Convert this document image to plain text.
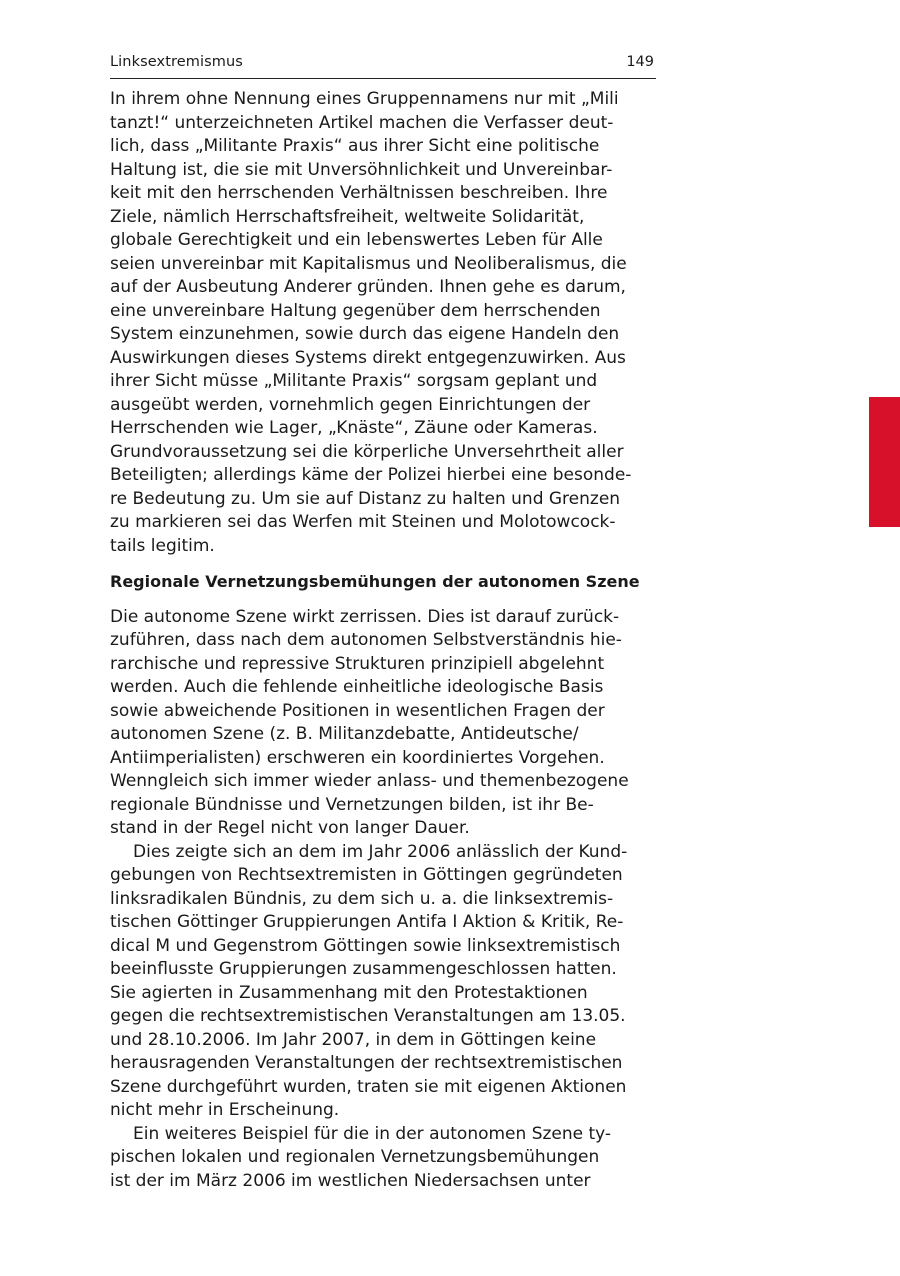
Linksextremismus	149
In ihrem ohne Nennung eines Gruppennamens nur mit „Mili
tanzt!“ unterzeichneten Artikel machen die Verfasser deut-
lich, dass „Militante Praxis“ aus ihrer Sicht eine politische
Haltung ist, die sie mit Unversöhnlichkeit und Unvereinbar-
keit mit den herrschenden Verhältnissen beschreiben. Ihre
Ziele, nämlich Herrschaftsfreiheit, weltweite Solidarität,
globale Gerechtigkeit und ein lebenswertes Leben für Alle
seien unvereinbar mit Kapitalismus und Neoliberalismus, die
auf der Ausbeutung Anderer gründen. Ihnen gehe es darum,
eine unvereinbare Haltung gegenüber dem herrschenden
System einzunehmen, sowie durch das eigene Handeln den
Auswirkungen dieses Systems direkt entgegenzuwirken. Aus
ihrer Sicht müsse „Militante Praxis“ sorgsam geplant und
ausgeübt werden, vornehmlich gegen Einrichtungen der
Herrschenden wie Lager, „Knäste“, Zäune oder Kameras.
Grundvoraussetzung sei die körperliche Unversehrtheit aller
Beteiligten; allerdings käme der Polizei hierbei eine besonde-
re Bedeutung zu. Um sie auf Distanz zu halten und Grenzen
zu markieren sei das Werfen mit Steinen und Molotowcock-
tails legitim.
Regionale Vernetzungsbemühungen der autonomen Szene
Die autonome Szene wirkt zerrissen. Dies ist darauf zurück-
zuführen, dass nach dem autonomen Selbstverständnis hie-
rarchische und repressive Strukturen prinzipiell abgelehnt
werden. Auch die fehlende einheitliche ideologische Basis
sowie abweichende Positionen in wesentlichen Fragen der
autonomen Szene (z. B. Militanzdebatte, Antideutsche/
Antiimperialisten) erschweren ein koordiniertes Vorgehen.
Wenngleich sich immer wieder anlass- und themenbezogene
regionale Bündnisse und Vernetzungen bilden, ist ihr Be-
stand in der Regel nicht von langer Dauer.
Dies zeigte sich an dem im Jahr 2006 anlässlich der Kund-
gebungen von Rechtsextremisten in Göttingen gegründeten
linksradikalen Bündnis, zu dem sich u. a. die linksextremis-
tischen Göttinger Gruppierungen Antifa I Aktion & Kritik, Re-
dical M und Gegenstrom Göttingen sowie linksextremistisch
beeinflusste Gruppierungen zusammengeschlossen hatten.
Sie agierten in Zusammenhang mit den Protestaktionen
gegen die rechtsextremistischen Veranstaltungen am 13.05.
und 28.10.2006. Im Jahr 2007, in dem in Göttingen keine
herausragenden Veranstaltungen der rechtsextremistischen
Szene durchgeführt wurden, traten sie mit eigenen Aktionen
nicht mehr in Erscheinung.
Ein weiteres Beispiel für die in der autonomen Szene ty-
pischen lokalen und regionalen Vernetzungsbemühungen
ist der im März 2006 im westlichen Niedersachsen unter
